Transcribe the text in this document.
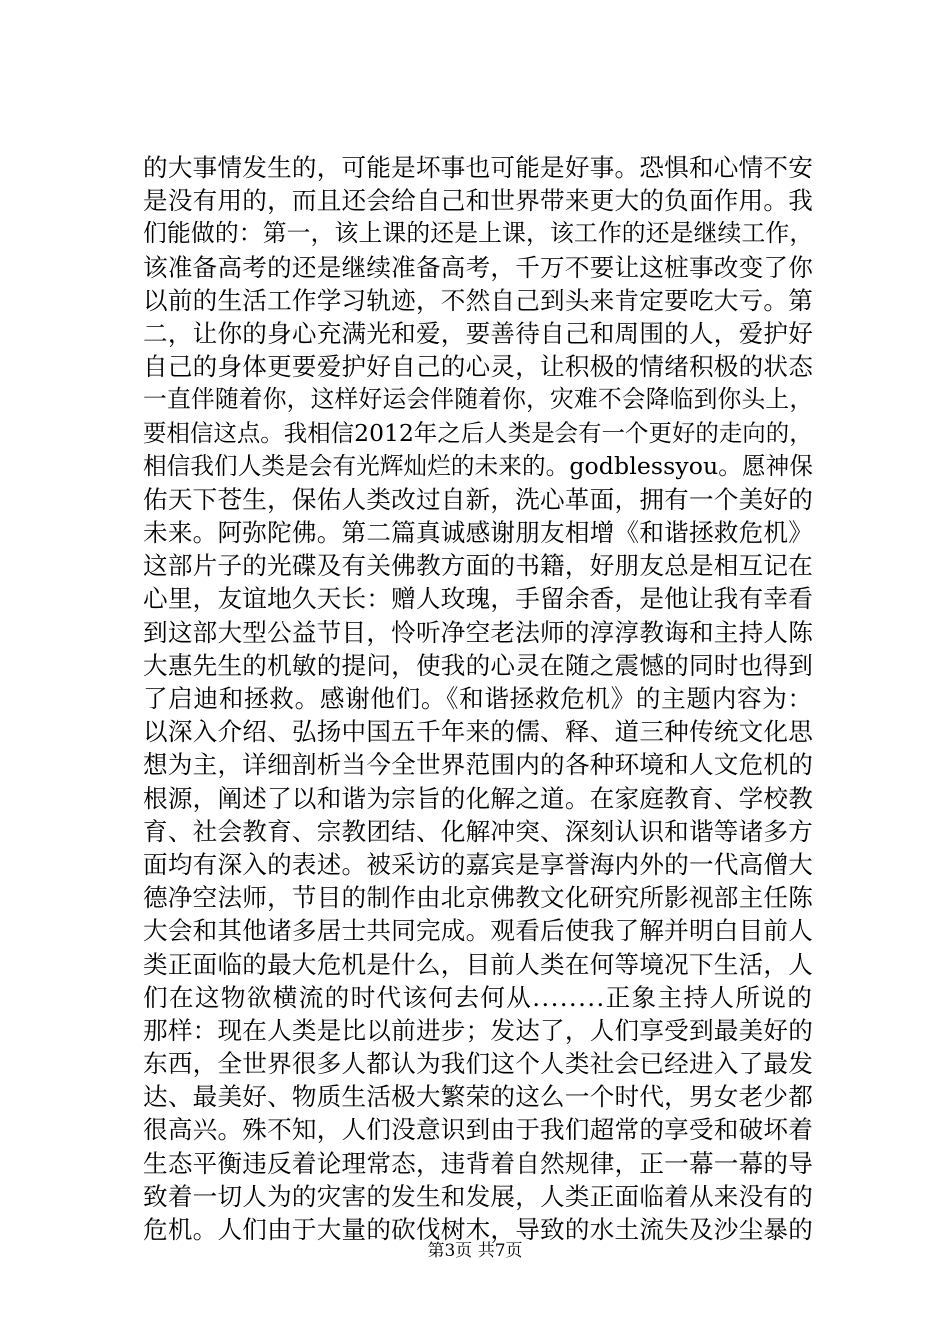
的大事情发生的，可能是坏事也可能是好事。恐惧和心情不安
是没有用的，而且还会给自己和世界带来更大的负面作用。我
们能做的：第一，该上课的还是上课，该工作的还是继续工作，
该准备高考的还是继续准备高考，千万不要让这桩事改变了你
以前的生活工作学习轨迹，不然自己到头来肯定要吃大亏。第
二，让你的身心充满光和爱，要善待自己和周围的人，爱护好
自己的身体更要爱护好自己的心灵，让积极的情绪积极的状态
一直伴随着你，这样好运会伴随着你，灾难不会降临到你头上，
要相信这点。我相信2012年之后人类是会有一个更好的走向的，
相信我们人类是会有光辉灿烂的未来的。godblessyou。愿神保
佑天下苍生，保佑人类改过自新，洗心革面，拥有一个美好的
未来。阿弥陀佛。第二篇真诚感谢朋友相增《和谐拯救危机》
这部片子的光碟及有关佛教方面的书籍，好朋友总是相互记在
心里，友谊地久天长：赠人玫瑰，手留余香，是他让我有幸看
到这部大型公益节目，怜听净空老法师的淳淳教诲和主持人陈
大惠先生的机敏的提问，使我的心灵在随之震憾的同时也得到
了启迪和拯救。感谢他们。《和谐拯救危机》的主题内容为：
以深入介绍、弘扬中国五千年来的儒、释、道三种传统文化思
想为主，详细剖析当今全世界范围内的各种环境和人文危机的
根源，阐述了以和谐为宗旨的化解之道。在家庭教育、学校教
育、社会教育、宗教团结、化解冲突、深刻认识和谐等诸多方
面均有深入的表述。被采访的嘉宾是享誉海内外的一代高僧大
德净空法师，节目的制作由北京佛教文化研究所影视部主任陈
大会和其他诸多居士共同完成。观看后使我了解并明白目前人
类正面临的最大危机是什么，目前人类在何等境况下生活，人
们在这物欲横流的时代该何去何从........正象主持人所说的
那样：现在人类是比以前进步；发达了，人们享受到最美好的
东西，全世界很多人都认为我们这个人类社会已经进入了最发
达、最美好、物质生活极大繁荣的这么一个时代，男女老少都
很高兴。殊不知，人们没意识到由于我们超常的享受和破坏着
生态平衡违反着论理常态，违背着自然规律，正一幕一幕的导
致着一切人为的灾害的发生和发展，人类正面临着从来没有的
危机。人们由于大量的砍伐树木，导致的水土流失及沙尘暴的
第3页 共7页
